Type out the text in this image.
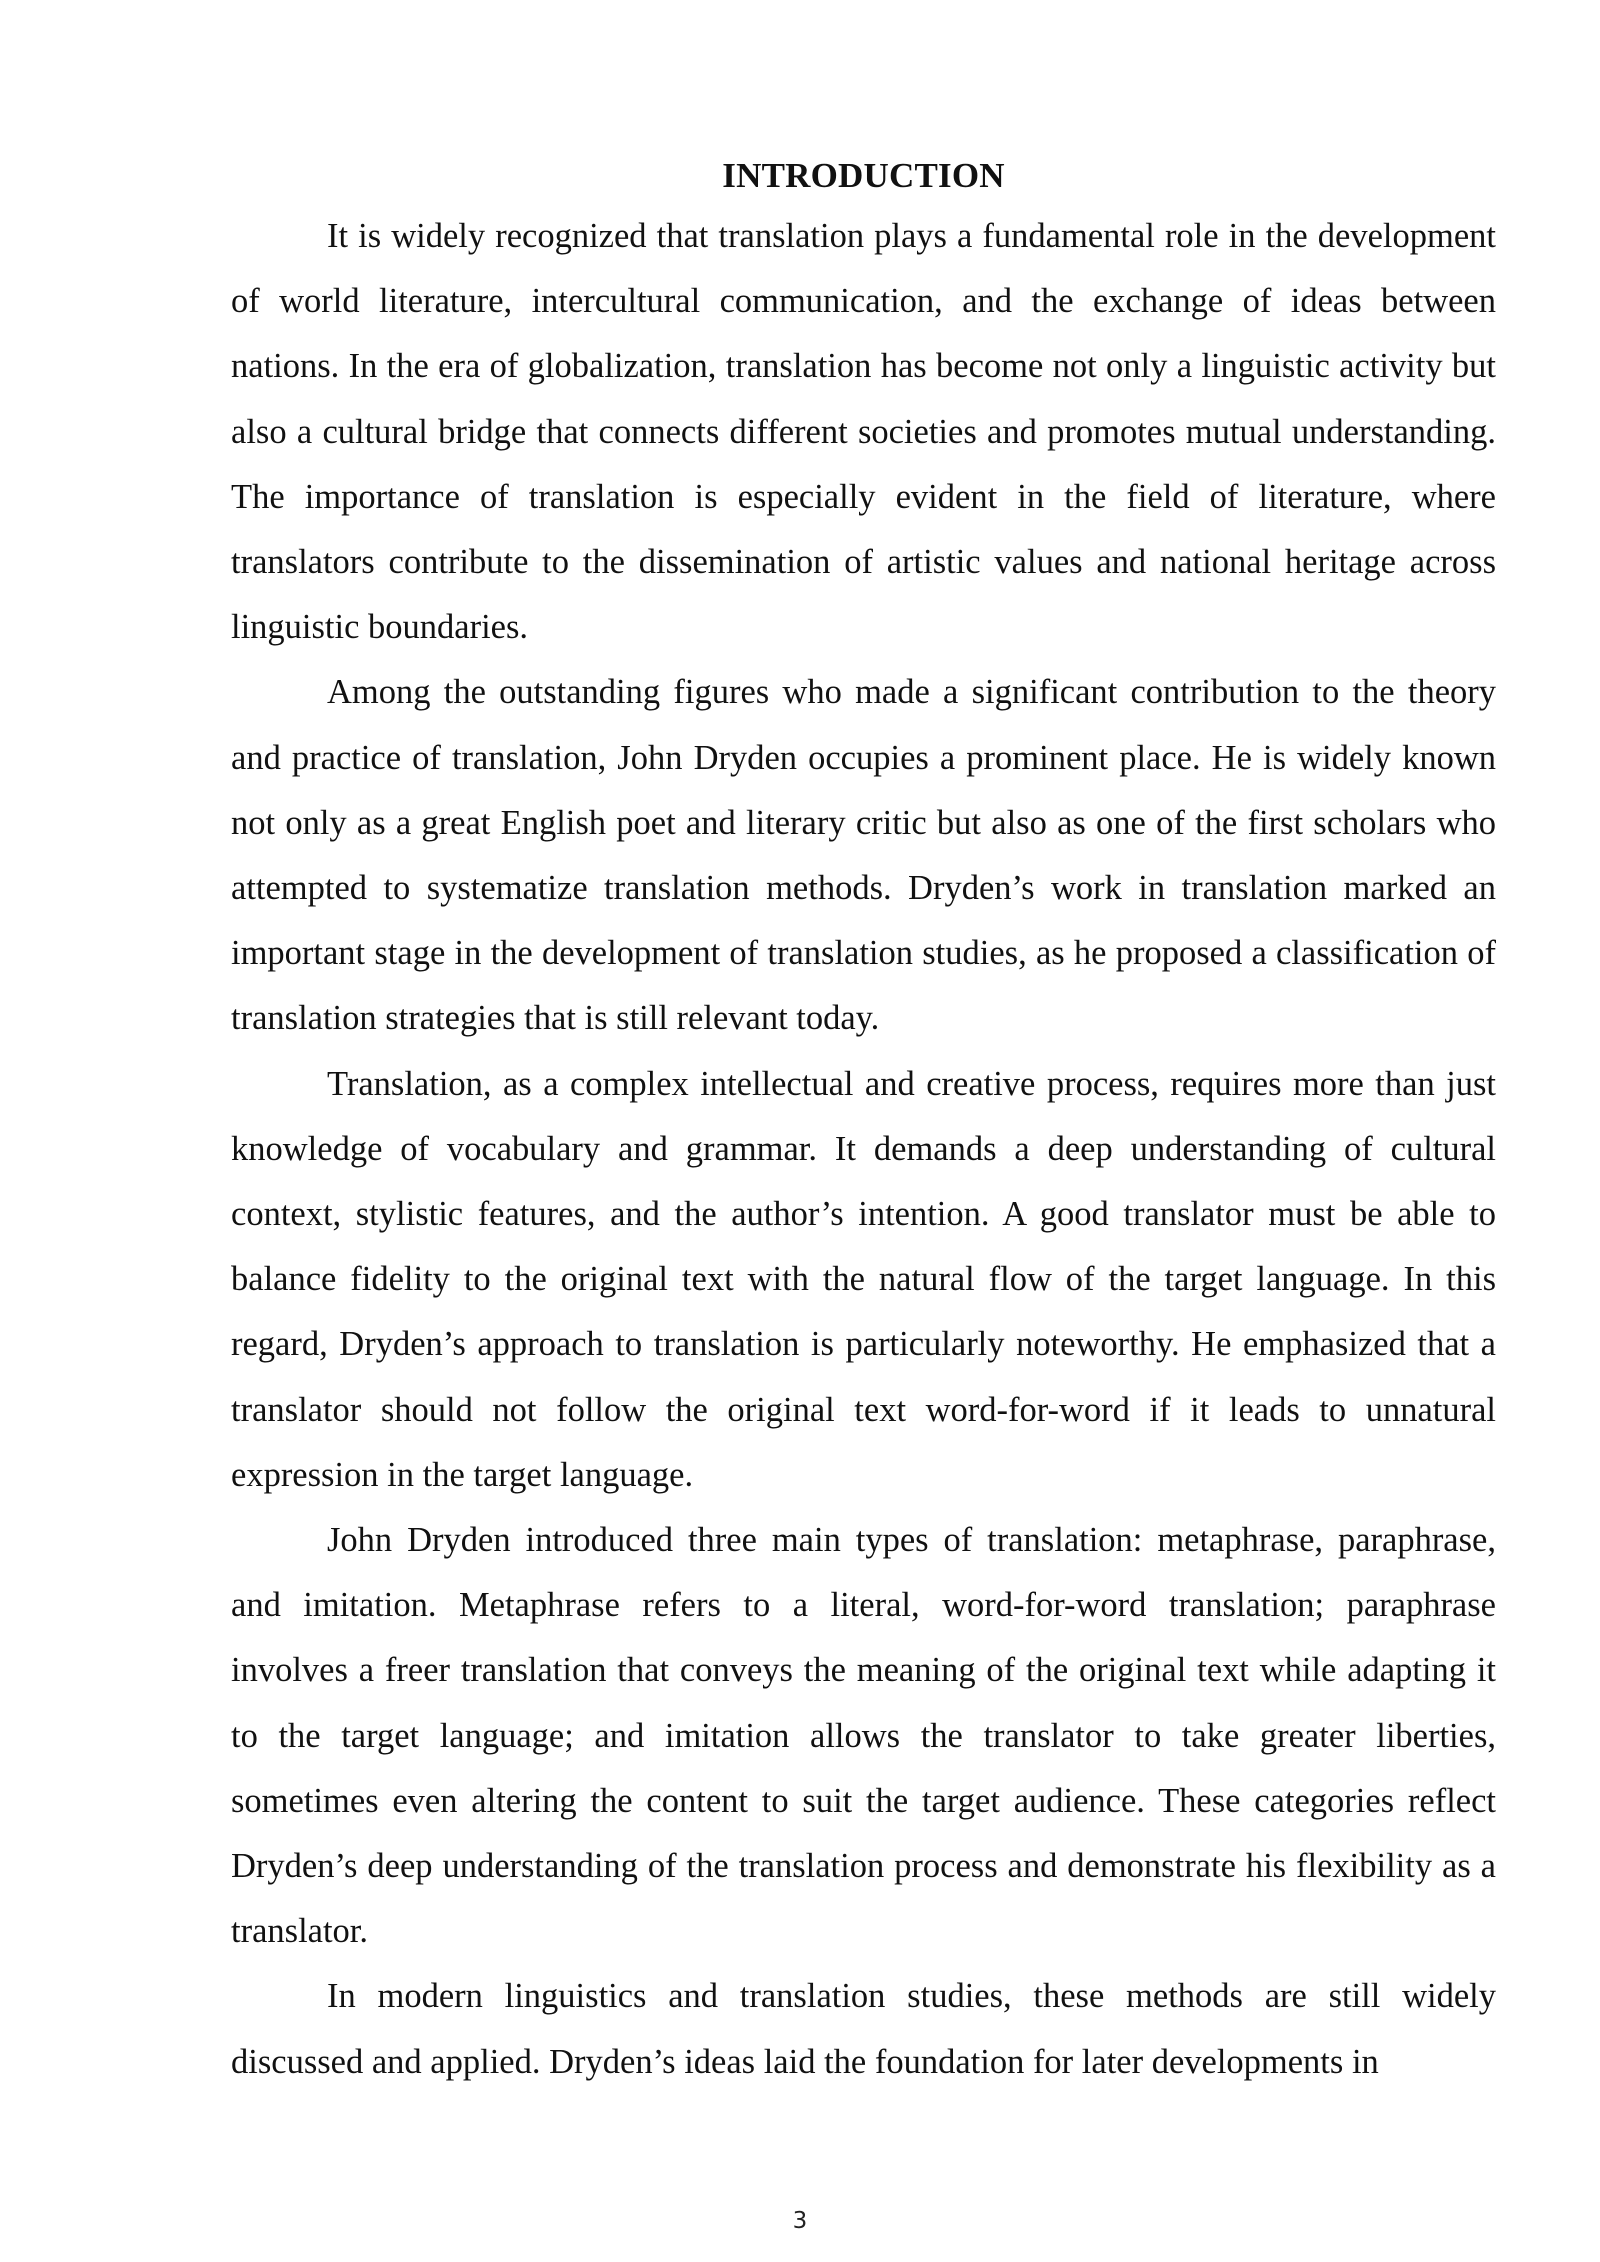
INTRODUCTION

It is widely recognized that translation plays a fundamental role in the development of world literature, intercultural communication, and the exchange of ideas between nations. In the era of globalization, translation has become not only a linguistic activity but also a cultural bridge that connects different societies and promotes mutual understanding. The importance of translation is especially evident in the field of literature, where translators contribute to the dissemination of artistic values and national heritage across linguistic boundaries.

Among the outstanding figures who made a significant contribution to the theory and practice of translation, John Dryden occupies a prominent place. He is widely known not only as a great English poet and literary critic but also as one of the first scholars who attempted to systematize translation methods. Dryden’s work in translation marked an important stage in the development of translation studies, as he proposed a classification of translation strategies that is still relevant today.

Translation, as a complex intellectual and creative process, requires more than just knowledge of vocabulary and grammar. It demands a deep understanding of cultural context, stylistic features, and the author’s intention. A good translator must be able to balance fidelity to the original text with the natural flow of the target language. In this regard, Dryden’s approach to translation is particularly noteworthy. He emphasized that a translator should not follow the original text word-for-word if it leads to unnatural expression in the target language.

John Dryden introduced three main types of translation: metaphrase, paraphrase, and imitation. Metaphrase refers to a literal, word-for-word translation; paraphrase involves a freer translation that conveys the meaning of the original text while adapting it to the target language; and imitation allows the translator to take greater liberties, sometimes even altering the content to suit the target audience. These categories reflect Dryden’s deep understanding of the translation process and demonstrate his flexibility as a translator.

In modern linguistics and translation studies, these methods are still widely discussed and applied. Dryden’s ideas laid the foundation for later developments in

3
